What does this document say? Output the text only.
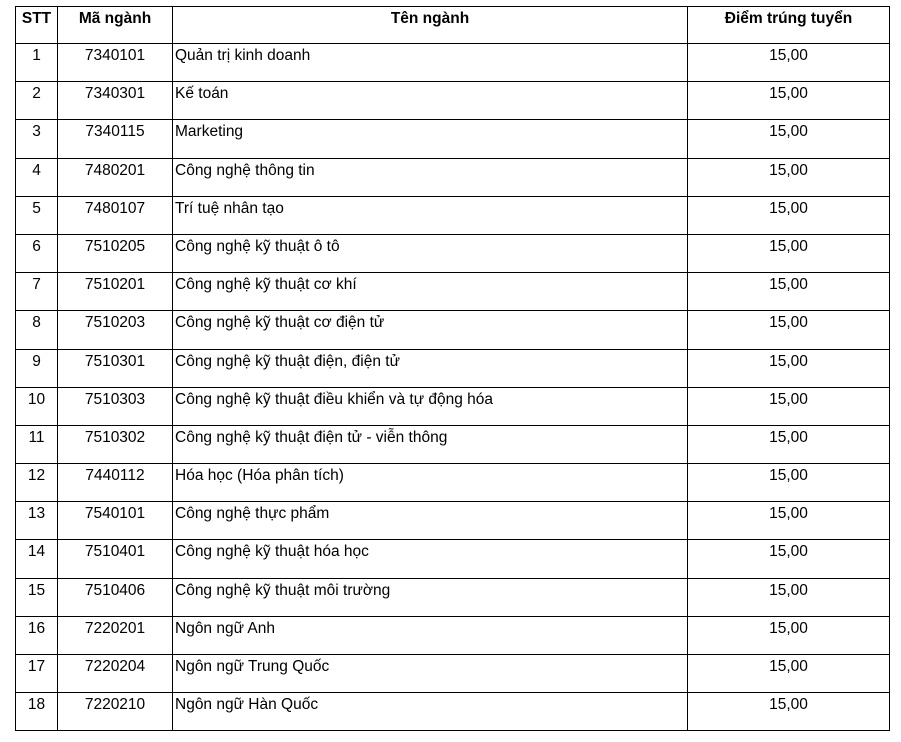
STT	Mã ngành	Tên ngành	Điểm trúng tuyển
1	7340101	Quản trị kinh doanh	15,00
2	7340301	Kế toán	15,00
3	7340115	Marketing	15,00
4	7480201	Công nghệ thông tin	15,00
5	7480107	Trí tuệ nhân tạo	15,00
6	7510205	Công nghệ kỹ thuật ô tô	15,00
7	7510201	Công nghệ kỹ thuật cơ khí	15,00
8	7510203	Công nghệ kỹ thuật cơ điện tử	15,00
9	7510301	Công nghệ kỹ thuật điện, điện tử	15,00
10	7510303	Công nghệ kỹ thuật điều khiển và tự động hóa	15,00
11	7510302	Công nghệ kỹ thuật điện tử - viễn thông	15,00
12	7440112	Hóa học (Hóa phân tích)	15,00
13	7540101	Công nghệ thực phẩm	15,00
14	7510401	Công nghệ kỹ thuật hóa học	15,00
15	7510406	Công nghệ kỹ thuật môi trường	15,00
16	7220201	Ngôn ngữ Anh	15,00
17	7220204	Ngôn ngữ Trung Quốc	15,00
18	7220210	Ngôn ngữ Hàn Quốc	15,00
